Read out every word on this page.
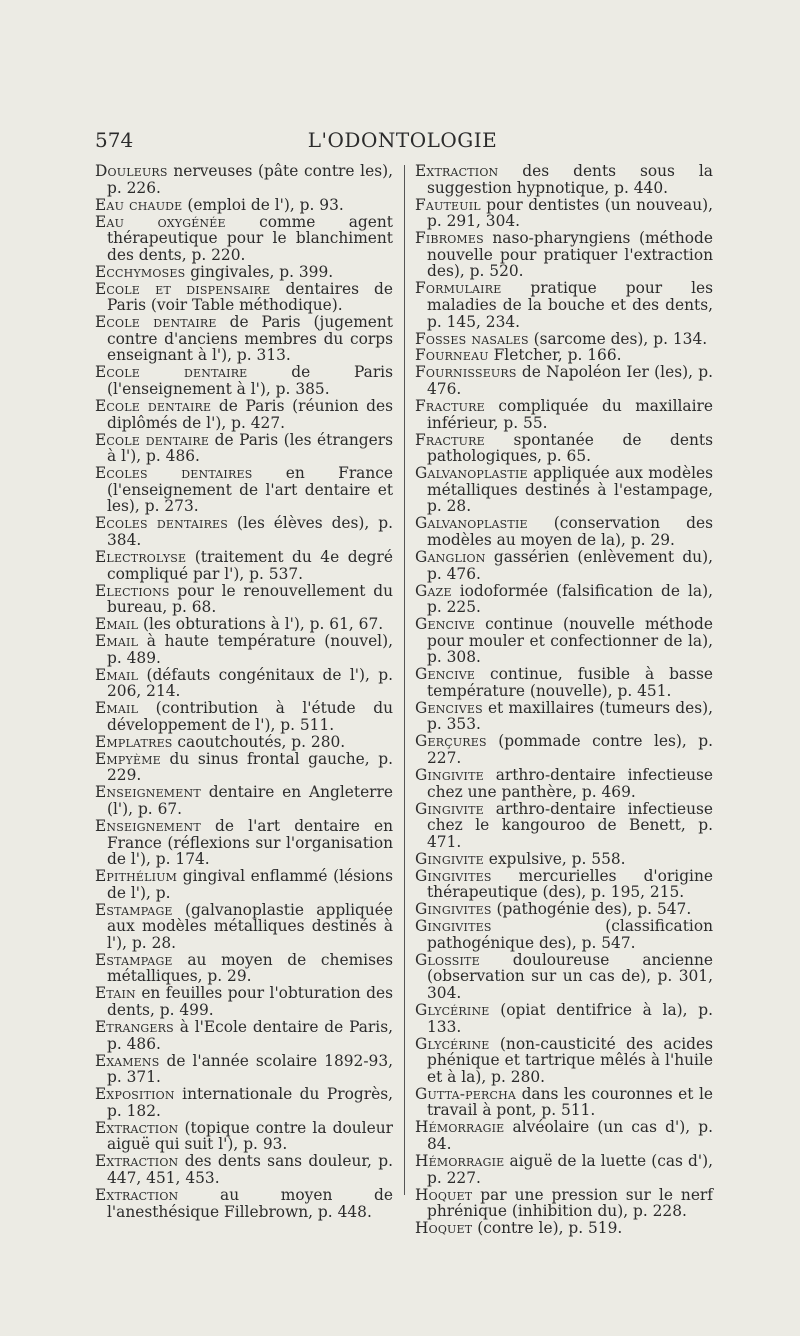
574	L'ODONTOLOGIE

Douleurs nerveuses (pâte contre les), p. 226.

Eau chaude (emploi de l'), p. 93.

Eau oxygénée comme agent thérapeutique pour le blanchiment des dents, p. 220.

Ecchymoses gingivales, p. 399.

Ecole et dispensaire dentaires de Paris (voir Table méthodique).

Ecole dentaire de Paris (jugement contre d'anciens membres du corps enseignant à l'), p. 313.

Ecole dentaire de Paris (l'enseignement à l'), p. 385.

Ecole dentaire de Paris (réunion des diplômés de l'), p. 427.

Ecole dentaire de Paris (les étrangers à l'), p. 486.

Ecoles dentaires en France (l'enseignement de l'art dentaire et les), p. 273.

Ecoles dentaires (les élèves des), p. 384.

Electrolyse (traitement du 4e degré compliqué par l'), p. 537.

Elections pour le renouvellement du bureau, p. 68.

Email (les obturations à l'), p. 61, 67.

Email à haute température (nouvel), p. 489.

Email (défauts congénitaux de l'), p. 206, 214.

Email (contribution à l'étude du développement de l'), p. 511.

Emplatres caoutchoutés, p. 280.

Empyème du sinus frontal gauche, p. 229.

Enseignement dentaire en Angleterre (l'), p. 67.

Enseignement de l'art dentaire en France (réflexions sur l'organisation de l'), p. 174.

Epithélium gingival enflammé (lésions de l'), p.

Estampage (galvanoplastie appliquée aux modèles métalliques destinés à l'), p. 28.

Estampage au moyen de chemises métalliques, p. 29.

Etain en feuilles pour l'obturation des dents, p. 499.

Etrangers à l'Ecole dentaire de Paris, p. 486.

Examens de l'année scolaire 1892-93, p. 371.

Exposition internationale du Progrès, p. 182.

Extraction (topique contre la douleur aiguë qui suit l'), p. 93.

Extraction des dents sans douleur, p. 447, 451, 453.

Extraction au moyen de l'anesthésique Fillebrown, p. 448.

Extraction des dents sous la suggestion hypnotique, p. 440.

Fauteuil pour dentistes (un nouveau), p. 291, 304.

Fibromes naso-pharyngiens (méthode nouvelle pour pratiquer l'extraction des), p. 520.

Formulaire pratique pour les maladies de la bouche et des dents, p. 145, 234.

Fosses nasales (sarcome des), p. 134.

Fourneau Fletcher, p. 166.

Fournisseurs de Napoléon Ier (les), p. 476.

Fracture compliquée du maxillaire inférieur, p. 55.

Fracture spontanée de dents pathologiques, p. 65.

Galvanoplastie appliquée aux modèles métalliques destinés à l'estampage, p. 28.

Galvanoplastie (conservation des modèles au moyen de la), p. 29.

Ganglion gassérien (enlèvement du), p. 476.

Gaze iodoformée (falsification de la), p. 225.

Gencive continue (nouvelle méthode pour mouler et confectionner de la), p. 308.

Gencive continue, fusible à basse température (nouvelle), p. 451.

Gencives et maxillaires (tumeurs des), p. 353.

Gerçures (pommade contre les), p. 227.

Gingivite arthro-dentaire infectieuse chez une panthère, p. 469.

Gingivite arthro-dentaire infectieuse chez le kangouroo de Benett, p. 471.

Gingivite expulsive, p. 558.

Gingivites mercurielles d'origine thérapeutique (des), p. 195, 215.

Gingivites (pathogénie des), p. 547.

Gingivites (classification pathogénique des), p. 547.

Glossite douloureuse ancienne (observation sur un cas de), p. 301, 304.

Glycérine (opiat dentifrice à la), p. 133.

Glycérine (non-causticité des acides phénique et tartrique mêlés à l'huile et à la), p. 280.

Gutta-percha dans les couronnes et le travail à pont, p. 511.

Hémorragie alvéolaire (un cas d'), p. 84.

Hémorragie aiguë de la luette (cas d'), p. 227.

Hoquet par une pression sur le nerf phrénique (inhibition du), p. 228.

Hoquet (contre le), p. 519.
